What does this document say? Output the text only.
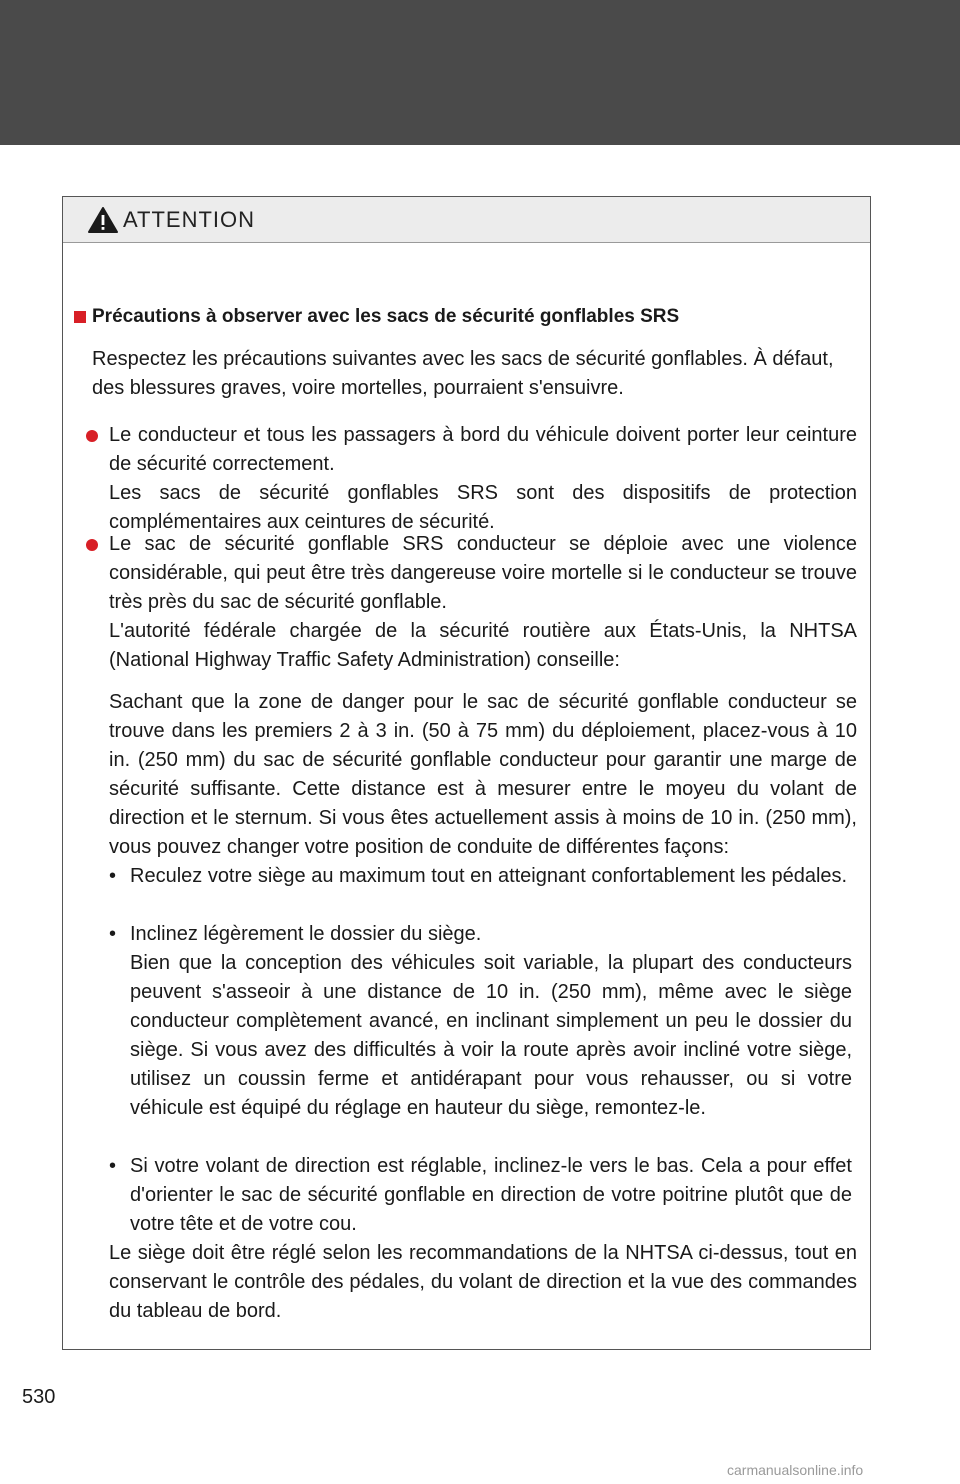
ATTENTION

Précautions à observer avec les sacs de sécurité gonflables SRS

Respectez les précautions suivantes avec les sacs de sécurité gonflables. À défaut, des blessures graves, voire mortelles, pourraient s'ensuivre.

Le conducteur et tous les passagers à bord du véhicule doivent porter leur ceinture de sécurité correctement.

Les sacs de sécurité gonflables SRS sont des dispositifs de protection complémentaires aux ceintures de sécurité.

Le sac de sécurité gonflable SRS conducteur se déploie avec une violence considérable, qui peut être très dangereuse voire mortelle si le conducteur se trouve très près du sac de sécurité gonflable.

L'autorité fédérale chargée de la sécurité routière aux États-Unis, la NHTSA (National Highway Traffic Safety Administration) conseille:

Sachant que la zone de danger pour le sac de sécurité gonflable conducteur se trouve dans les premiers 2 à 3 in. (50 à 75 mm) du déploiement, placez-vous à 10 in. (250 mm) du sac de sécurité gonflable conducteur pour garantir une marge de sécurité suffisante. Cette distance est à mesurer entre le moyeu du volant de direction et le sternum. Si vous êtes actuellement assis à moins de 10 in. (250 mm), vous pouvez changer votre position de conduite de différentes façons:

• Reculez votre siège au maximum tout en atteignant confortablement les pédales.

• Inclinez légèrement le dossier du siège.

Bien que la conception des véhicules soit variable, la plupart des conducteurs peuvent s'asseoir à une distance de 10 in. (250 mm), même avec le siège conducteur complètement avancé, en inclinant simplement un peu le dossier du siège. Si vous avez des difficultés à voir la route après avoir incliné votre siège, utilisez un coussin ferme et antidérapant pour vous rehausser, ou si votre véhicule est équipé du réglage en hauteur du siège, remontez-le.

• Si votre volant de direction est réglable, inclinez-le vers le bas. Cela a pour effet d'orienter le sac de sécurité gonflable en direction de votre poitrine plutôt que de votre tête et de votre cou.

Le siège doit être réglé selon les recommandations de la NHTSA ci-dessus, tout en conservant le contrôle des pédales, du volant de direction et la vue des commandes du tableau de bord.

530
carmanualsonline.info
